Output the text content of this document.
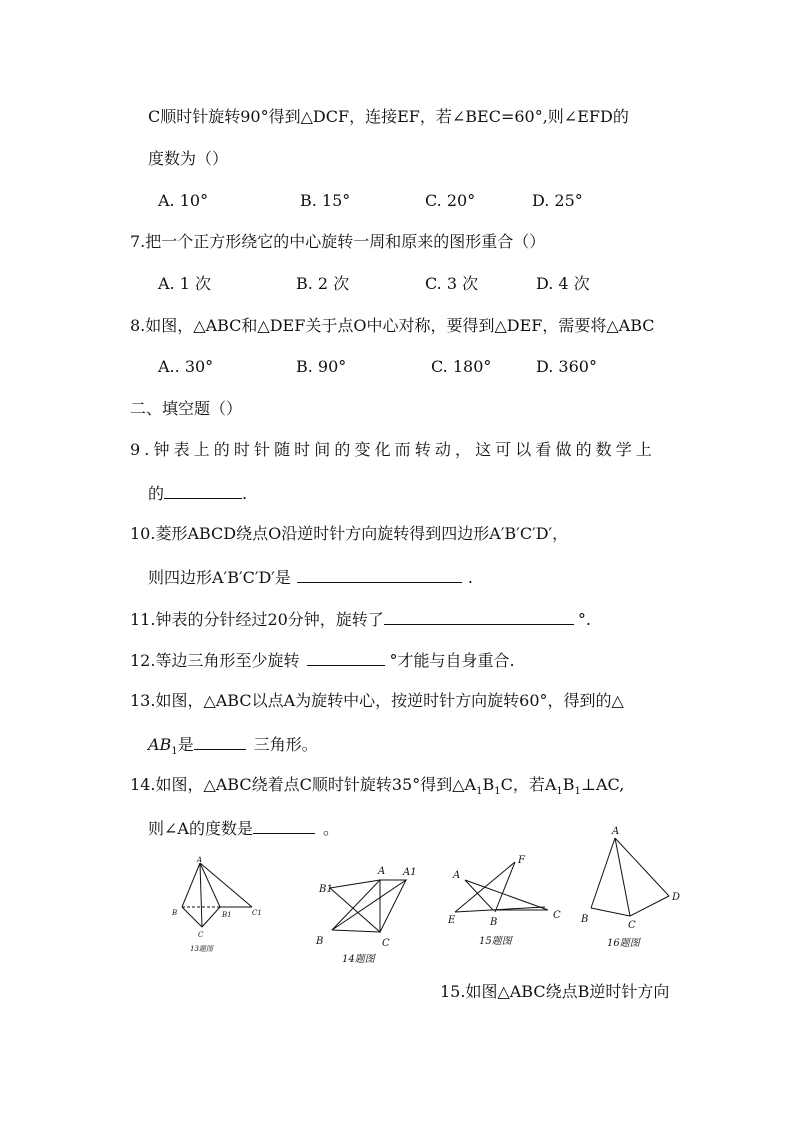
C顺时针旋转90°得到△DCF，连接EF，若∠BEC=60°,则∠EFD的
度数为（）
A. 10°	B. 15°	C. 20°	D. 25°
7.把一个正方形绕它的中心旋转一周和原来的图形重合（）
A. 1 次	B. 2 次	C. 3 次	D. 4 次
8.如图，△ABC和△DEF关于点O中心对称，要得到△DEF，需要将△ABC
A.. 30°	B. 90°	C. 180°	D. 360°
二、填空题（）
9.钟表上的时针随时间的变化而转动，这可以看做的数学上
的	.
10.菱形ABCD绕点O沿逆时针方向旋转得到四边形A′B′C′D′，
则四边形A′B′C′D′是	.
11.钟表的分针经过20分钟，旋转了	°.
12.等边三角形至少旋转	°才能与自身重合.
13.如图，△ABC以点A为旋转中心，按逆时针方向旋转60°，得到的△
$AB_1$是	三角形。
14.如图，△ABC绕着点C顺时针旋转35°得到$\triangle A_1B_1C$，若$A_1B_1\perp AC$,
则∠A的度数是	。
A
B
C
B1	C1
13题图
A A1
B1
B	C
14题图
A
F
E	B
C
15题图
A
D
B
C
16题图
15.如图△ABC绕点B逆时针方向
